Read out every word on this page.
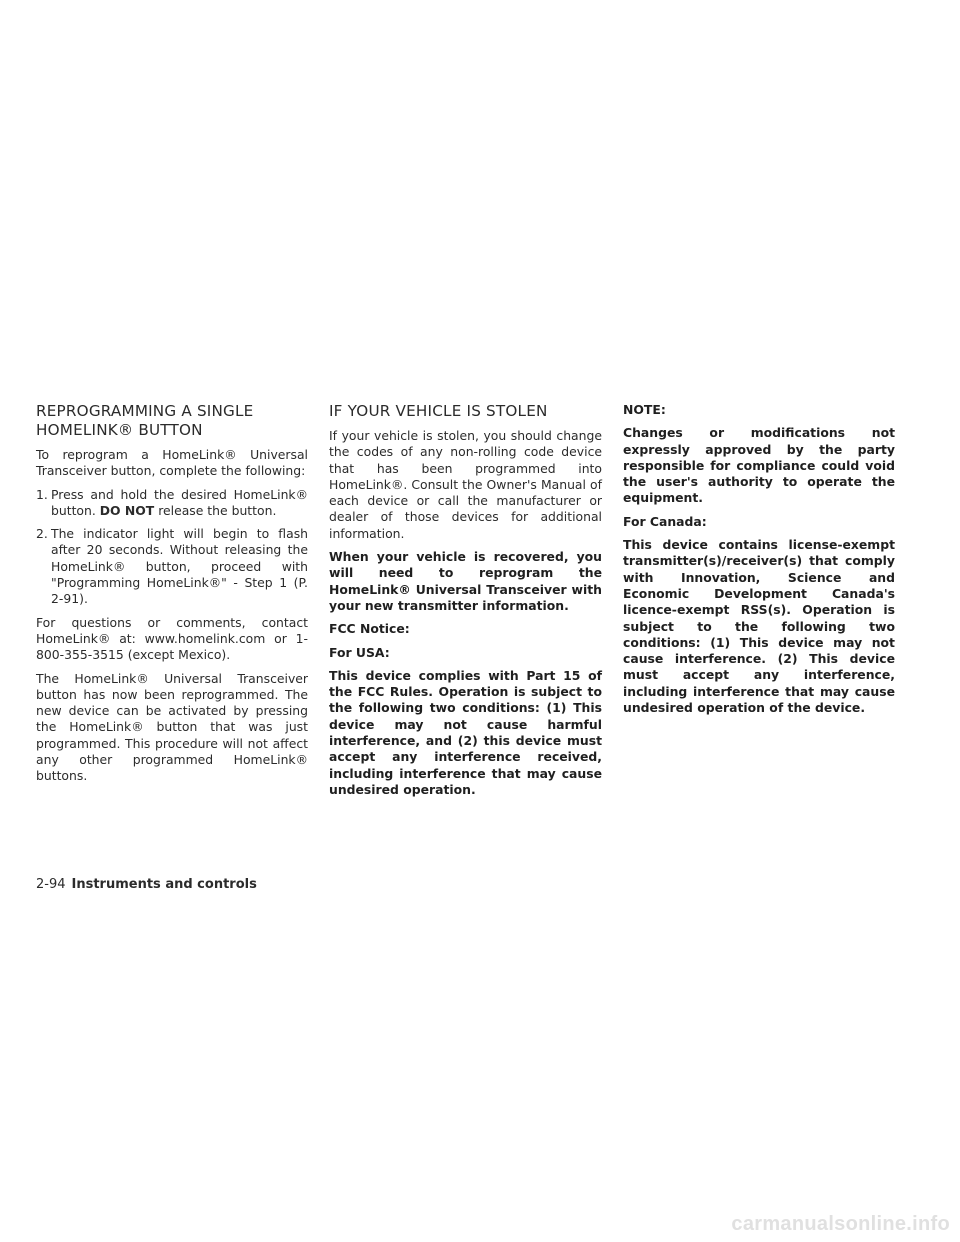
REPROGRAMMING A SINGLE
HOMELINK® BUTTON

To reprogram a HomeLink® Universal Transceiver button, complete the following:

1. Press and hold the desired HomeLink® button. DO NOT release the button.
2. The indicator light will begin to flash after 20 seconds. Without releasing the HomeLink® button, proceed with "Programming HomeLink®" - Step 1 (P. 2-91).

For questions or comments, contact HomeLink® at: www.homelink.com or 1-800-355-3515 (except Mexico).

The HomeLink® Universal Transceiver button has now been reprogrammed. The new device can be activated by pressing the HomeLink® button that was just programmed. This procedure will not affect any other programmed HomeLink® buttons.

IF YOUR VEHICLE IS STOLEN

If your vehicle is stolen, you should change the codes of any non-rolling code device that has been programmed into HomeLink®. Consult the Owner's Manual of each device or call the manufacturer or dealer of those devices for additional information.

When your vehicle is recovered, you will need to reprogram the HomeLink® Universal Transceiver with your new transmitter information.

FCC Notice:

For USA:

This device complies with Part 15 of the FCC Rules. Operation is subject to the following two conditions: (1) This device may not cause harmful interference, and (2) this device must accept any interference received, including interference that may cause undesired operation.

NOTE:

Changes or modifications not expressly approved by the party responsible for compliance could void the user's authority to operate the equipment.

For Canada:

This device contains license-exempt transmitter(s)/receiver(s) that comply with Innovation, Science and Economic Development Canada's licence-exempt RSS(s). Operation is subject to the following two conditions: (1) This device may not cause interference. (2) This device must accept any interference, including interference that may cause undesired operation of the device.

2-94 Instruments and controls
carmanualsonline.info
